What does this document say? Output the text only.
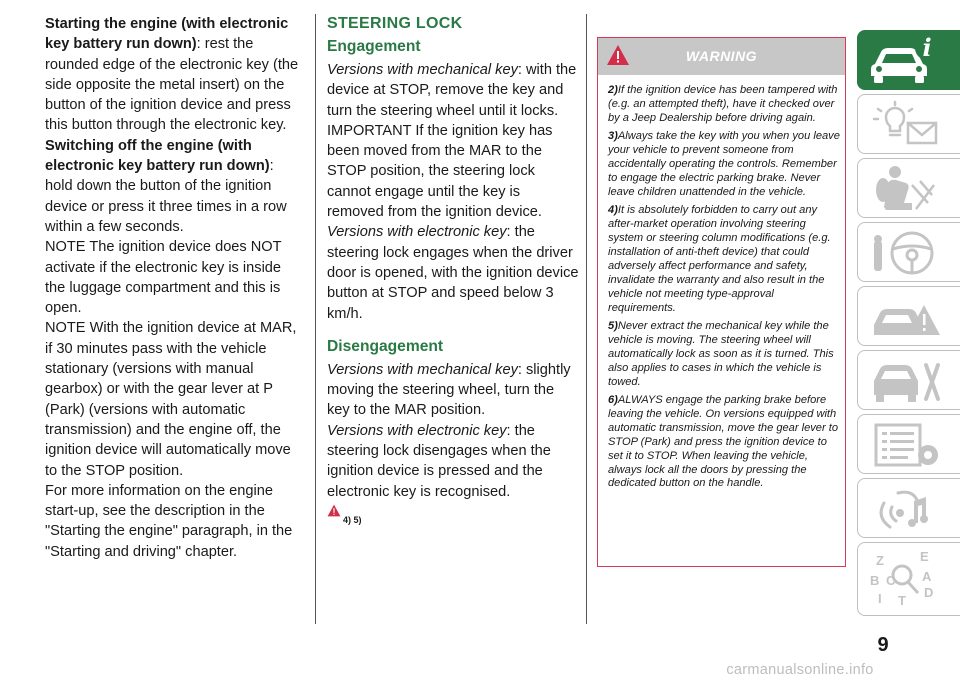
Starting the engine (with electronic key battery run down): rest the rounded edge of the electronic key (the side opposite the metal insert) on the button of the ignition device and press this button through the electronic key.

Switching off the engine (with electronic key battery run down): hold down the button of the ignition device or press it three times in a row within a few seconds.

NOTE The ignition device does NOT activate if the electronic key is inside the luggage compartment and this is open.

NOTE With the ignition device at MAR, if 30 minutes pass with the vehicle stationary (versions with manual gearbox) or with the gear lever at P (Park) (versions with automatic transmission) and the engine off, the ignition device will automatically move to the STOP position.

For more information on the engine start-up, see the description in the "Starting the engine" paragraph, in the "Starting and driving" chapter.

STEERING LOCK
Engagement

Versions with mechanical key: with the device at STOP, remove the key and turn the steering wheel until it locks.

IMPORTANT If the ignition key has been moved from the MAR to the STOP position, the steering lock cannot engage until the key is removed from the ignition device.

Versions with electronic key: the steering lock engages when the driver door is opened, with the ignition device button at STOP and speed below 3 km/h.

Disengagement

Versions with mechanical key: slightly moving the steering wheel, turn the key to the MAR position.

Versions with electronic key: the steering lock disengages when the ignition device is pressed and the electronic key is recognised.

4) 5)
WARNING

2)If the ignition device has been tampered with (e.g. an attempted theft), have it checked over by a Jeep Dealership before driving again.

3)Always take the key with you when you leave your vehicle to prevent someone from accidentally operating the controls. Remember to engage the electric parking brake. Never leave children unattended in the vehicle.

4)It is absolutely forbidden to carry out any after-market operation involving steering system or steering column modifications (e.g. installation of anti-theft device) that could adversely affect performance and safety, invalidate the warranty and also result in the vehicle not meeting type-approval requirements.

5)Never extract the mechanical key while the vehicle is moving. The steering wheel will automatically lock as soon as it is turned. This also applies to cases in which the vehicle is towed.

6)ALWAYS engage the parking brake before leaving the vehicle. On versions equipped with automatic transmission, move the gear lever to STOP (Park) and press the ignition device to set it to STOP. When leaving the vehicle, always lock all the doors by pressing the dedicated button on the handle.

i
Z	E
B	A
C
D
I T
9
carmanualsonline.info
